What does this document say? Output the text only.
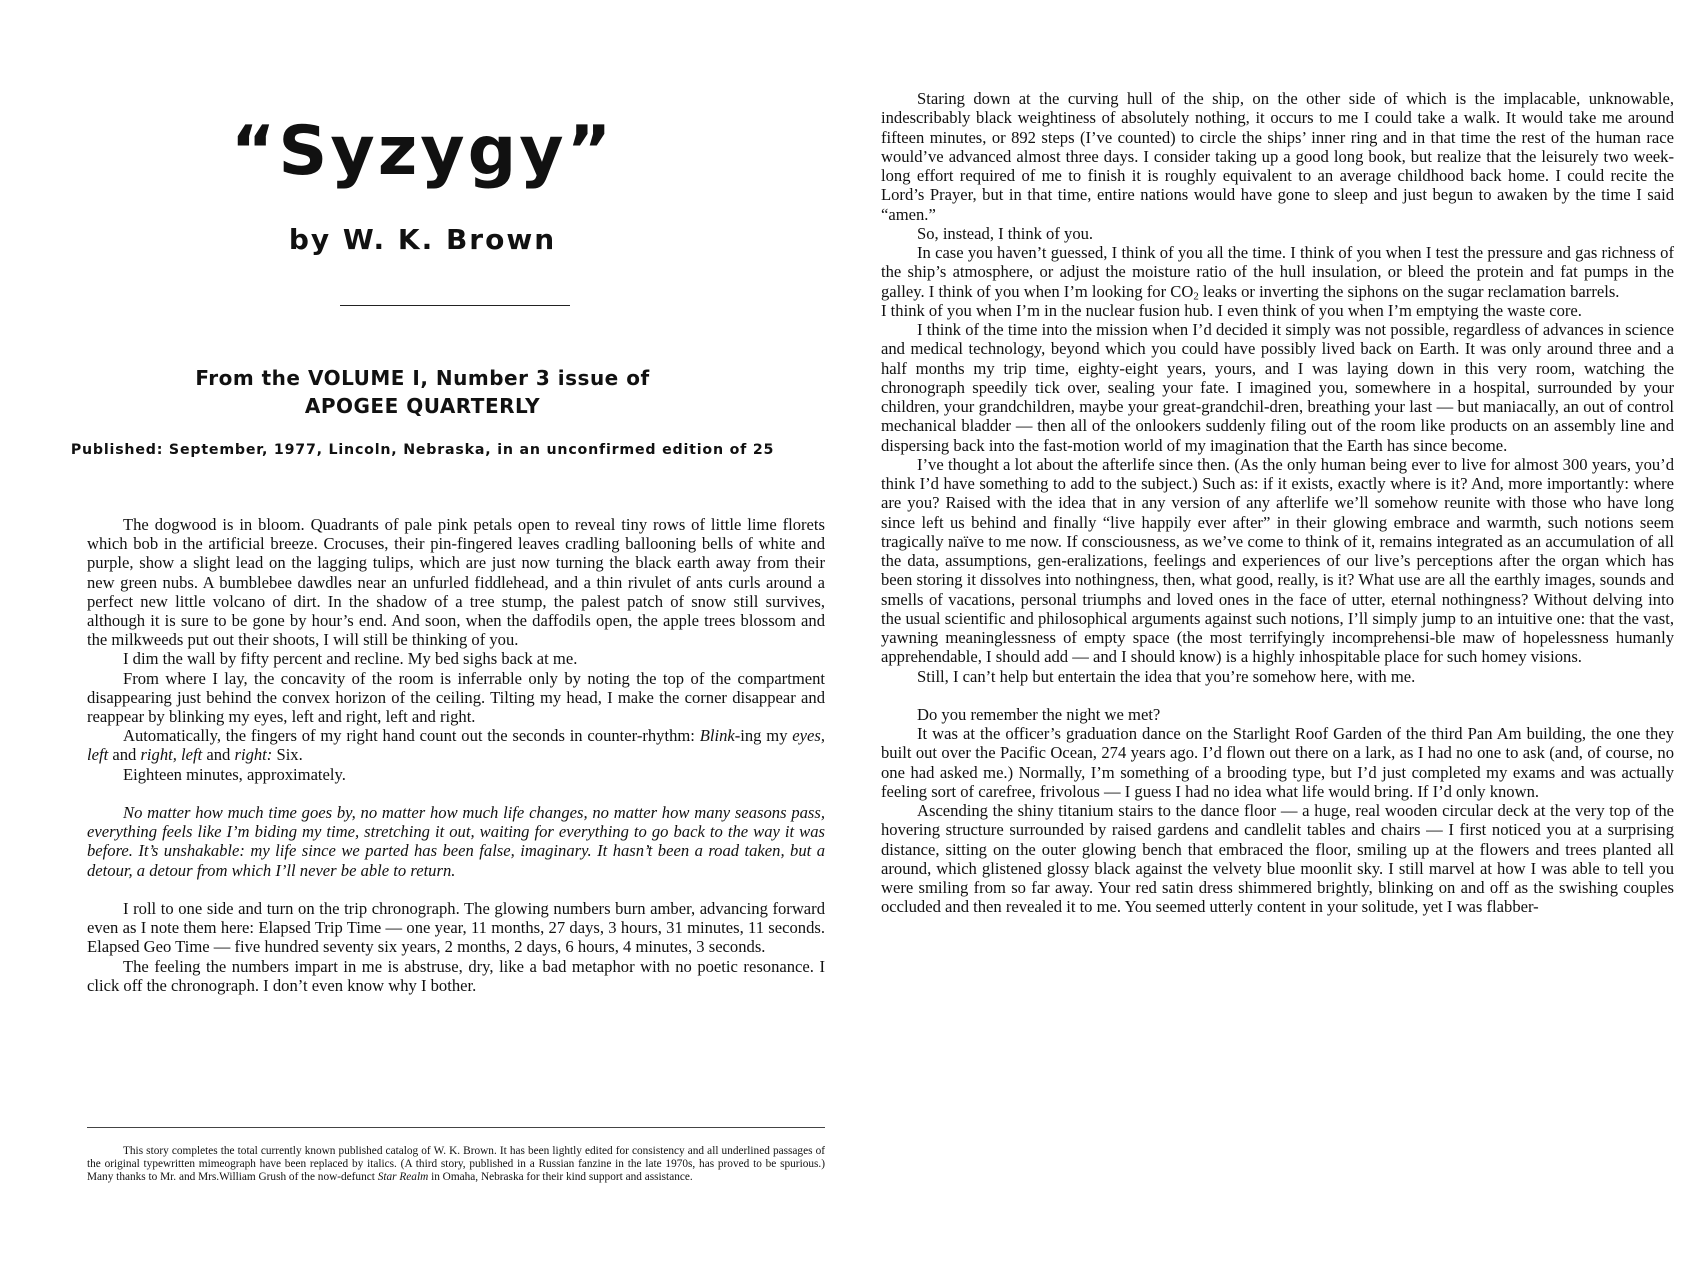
“Syzygy”
by W. K. Brown
From the VOLUME I, Number 3 issue of
APOGEE QUARTERLY
Published: September, 1977, Lincoln, Nebraska, in an unconfirmed edition of 25

The dogwood is in bloom. Quadrants of pale pink petals open to reveal tiny rows of little lime florets which bob in the artificial breeze. Crocuses, their pin-fingered leaves cradling ballooning bells of white and purple, show a slight lead on the lagging tulips, which are just now turning the black earth away from their new green nubs. A bumblebee dawdles near an unfurled fiddlehead, and a thin rivulet of ants curls around a perfect new little volcano of dirt. In the shadow of a tree stump, the palest patch of snow still survives, although it is sure to be gone by hour’s end. And soon, when the daffodils open, the apple trees blossom and the milkweeds put out their shoots, I will still be thinking of you.

I dim the wall by fifty percent and recline. My bed sighs back at me.

From where I lay, the concavity of the room is inferrable only by noting the top of the compartment disappearing just behind the convex horizon of the ceiling. Tilting my head, I make the corner disappear and reappear by blinking my eyes, left and right, left and right.

Automatically, the fingers of my right hand count out the seconds in counter-rhythm: Blink-ing my eyes, left and right, left and right: Six.

Eighteen minutes, approximately.

No matter how much time goes by, no matter how much life changes, no matter how many seasons pass, everything feels like I’m biding my time, stretching it out, waiting for everything to go back to the way it was before. It’s unshakable: my life since we parted has been false, imaginary. It hasn’t been a road taken, but a detour, a detour from which I’ll never be able to return.

I roll to one side and turn on the trip chronograph. The glowing numbers burn amber, advancing forward even as I note them here: Elapsed Trip Time — one year, 11 months, 27 days, 3 hours, 31 minutes, 11 seconds. Elapsed Geo Time — five hundred seventy six years, 2 months, 2 days, 6 hours, 4 minutes, 3 seconds.

The feeling the numbers impart in me is abstruse, dry, like a bad metaphor with no poetic resonance. I click off the chronograph. I don’t even know why I bother.

This story completes the total currently known published catalog of W. K. Brown. It has been lightly edited for consistency and all underlined passages of the original typewritten mimeograph have been replaced by italics. (A third story, published in a Russian fanzine in the late 1970s, has proved to be spurious.) Many thanks to Mr. and Mrs.William Grush of the now-defunct Star Realm in Omaha, Nebraska for their kind support and assistance.

Staring down at the curving hull of the ship, on the other side of which is the implacable, unknowable, indescribably black weightiness of absolutely nothing, it occurs to me I could take a walk. It would take me around fifteen minutes, or 892 steps (I’ve counted) to circle the ships’ inner ring and in that time the rest of the human race would’ve advanced almost three days. I consider taking up a good long book, but realize that the leisurely two week-long effort required of me to finish it is roughly equivalent to an average childhood back home. I could recite the Lord’s Prayer, but in that time, entire nations would have gone to sleep and just begun to awaken by the time I said “amen.”

So, instead, I think of you.

In case you haven’t guessed, I think of you all the time. I think of you when I test the pressure and gas richness of the ship’s atmosphere, or adjust the moisture ratio of the hull insulation, or bleed the protein and fat pumps in the galley. I think of you when I’m looking for $CO_2$ leaks or inverting the siphons on the sugar reclamation barrels.

I think of you when I’m in the nuclear fusion hub. I even think of you when I’m emptying the waste core.

I think of the time into the mission when I’d decided it simply was not possible, regardless of advances in science and medical technology, beyond which you could have possibly lived back on Earth. It was only around three and a half months my trip time, eighty-eight years, yours, and I was laying down in this very room, watching the chronograph speedily tick over, sealing your fate. I imagined you, somewhere in a hospital, surrounded by your children, your grandchildren, maybe your great-grandchil-dren, breathing your last — but maniacally, an out of control mechanical bladder — then all of the onlookers suddenly filing out of the room like products on an assembly line and dispersing back into the fast-motion world of my imagination that the Earth has since become.

I’ve thought a lot about the afterlife since then. (As the only human being ever to live for almost 300 years, you’d think I’d have something to add to the subject.) Such as: if it exists, exactly where is it? And, more importantly: where are you? Raised with the idea that in any version of any afterlife we’ll somehow reunite with those who have long since left us behind and finally “live happily ever after” in their glowing embrace and warmth, such notions seem tragically naïve to me now. If consciousness, as we’ve come to think of it, remains integrated as an accumulation of all the data, assumptions, gen-eralizations, feelings and experiences of our live’s perceptions after the organ which has been storing it dissolves into nothingness, then, what good, really, is it? What use are all the earthly images, sounds and smells of vacations, personal triumphs and loved ones in the face of utter, eternal nothingness? Without delving into the usual scientific and philosophical arguments against such notions, I’ll simply jump to an intuitive one: that the vast, yawning meaninglessness of empty space (the most terrifyingly incomprehensi-ble maw of hopelessness humanly apprehendable, I should add — and I should know) is a highly inhospitable place for such homey visions.

Still, I can’t help but entertain the idea that you’re somehow here, with me.

Do you remember the night we met?

It was at the officer’s graduation dance on the Starlight Roof Garden of the third Pan Am building, the one they built out over the Pacific Ocean, 274 years ago. I’d flown out there on a lark, as I had no one to ask (and, of course, no one had asked me.) Normally, I’m something of a brooding type, but I’d just completed my exams and was actually feeling sort of carefree, frivolous — I guess I had no idea what life would bring. If I’d only known.

Ascending the shiny titanium stairs to the dance floor — a huge, real wooden circular deck at the very top of the hovering structure surrounded by raised gardens and candlelit tables and chairs — I first noticed you at a surprising distance, sitting on the outer glowing bench that embraced the floor, smiling up at the flowers and trees planted all around, which glistened glossy black against the velvety blue moonlit sky. I still marvel at how I was able to tell you were smiling from so far away. Your red satin dress shimmered brightly, blinking on and off as the swishing couples occluded and then revealed it to me. You seemed utterly content in your solitude, yet I was flabber-
